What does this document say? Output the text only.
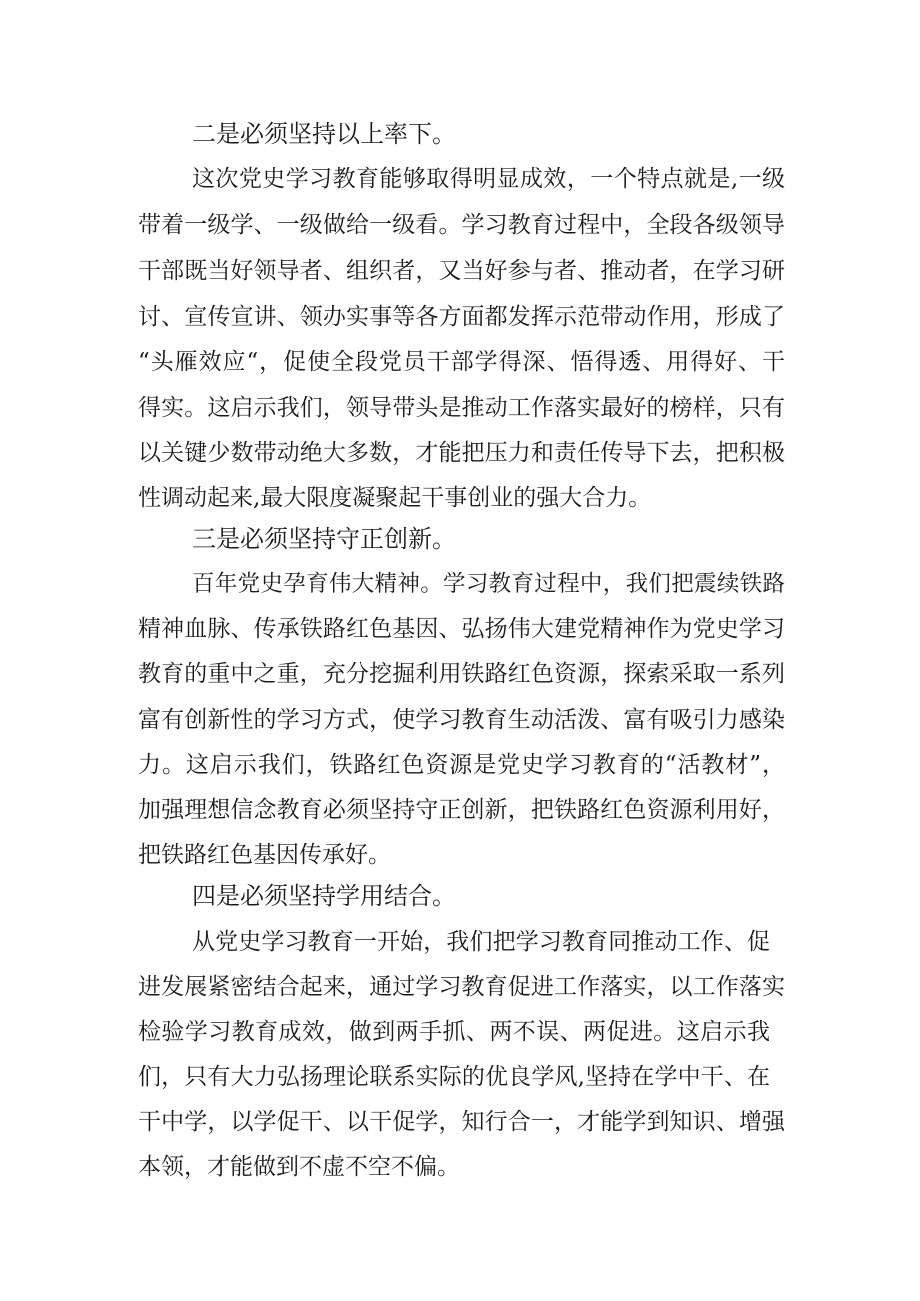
二是必须坚持以上率下。
这次党史学习教育能够取得明显成效，一个特点就是,一级
带着一级学、一级做给一级看。学习教育过程中，全段各级领导
干部既当好领导者、组织者，又当好参与者、推动者，在学习研
讨、宣传宣讲、领办实事等各方面都发挥示范带动作用，形成了
“头雁效应“，促使全段党员干部学得深、悟得透、用得好、干
得实。这启示我们，领导带头是推动工作落实最好的榜样，只有
以关键少数带动绝大多数，才能把压力和责任传导下去，把积极
性调动起来,最大限度凝聚起干事创业的强大合力。
三是必须坚持守正创新。
百年党史孕育伟大精神。学习教育过程中，我们把震续铁路
精神血脉、传承铁路红色基因、弘扬伟大建党精神作为党史学习
教育的重中之重，充分挖掘利用铁路红色资源，探索采取一系列
富有创新性的学习方式，使学习教育生动活泼、富有吸引力感染
力。这启示我们，铁路红色资源是党史学习教育的“活教材”，
加强理想信念教育必须坚持守正创新，把铁路红色资源利用好，
把铁路红色基因传承好。
四是必须坚持学用结合。
从党史学习教育一开始，我们把学习教育同推动工作、促
进发展紧密结合起来，通过学习教育促进工作落实，以工作落实
检验学习教育成效，做到两手抓、两不误、两促进。这启示我
们，只有大力弘扬理论联系实际的优良学风,坚持在学中干、在
干中学，以学促干、以干促学，知行合一，才能学到知识、增强
本领，才能做到不虚不空不偏。
